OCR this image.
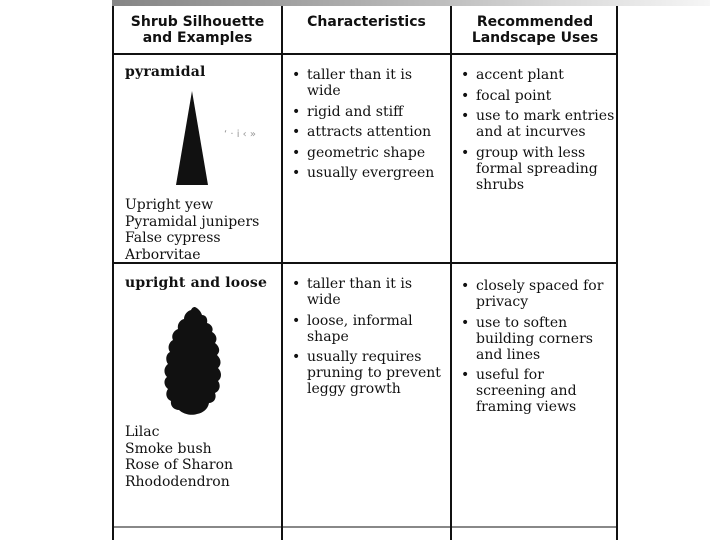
Shrub Silhouette
and Examples
Characteristics	Recommended
Landscape Uses
pyramidal
‘ · i ‹ »
Upright yew
Pyramidal junipers
False cypress
Arborvitae
• taller than it is wide
• rigid and stiff
• attracts attention
• geometric shape
• usually evergreen
• accent plant
• focal point
• use to mark entries and at incurves
• group with less formal spreading shrubs
upright and loose
Lilac
Smoke bush
Rose of Sharon
Rhododendron
• taller than it is wide
• loose, informal shape
• usually requires pruning to prevent leggy growth
• closely spaced for privacy
• use to soften building corners and lines
• useful for screening and framing views
